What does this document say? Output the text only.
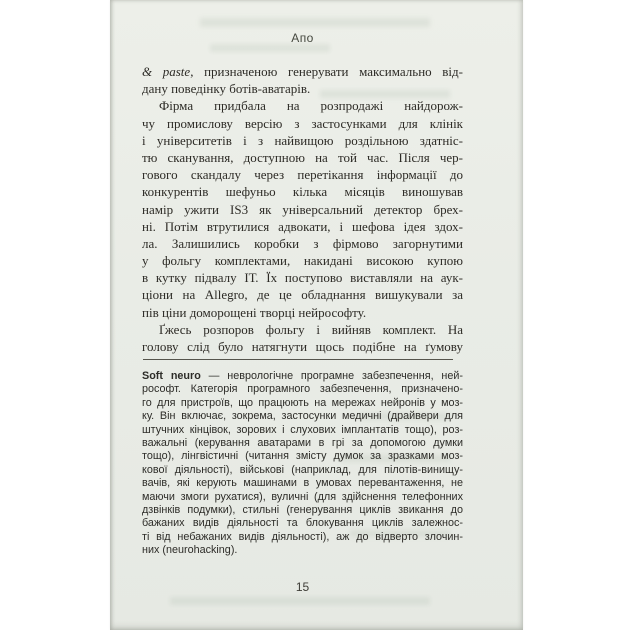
Апо
& paste, призначеною генерувати максимально від-
дану поведінку ботів-аватарів.
Фірма придбала на розпродажі найдорож-
чу промислову версію з застосунками для клінік
і університетів і з найвищою роздільною здатніс-
тю сканування, доступною на той час. Після чер-
гового скандалу через перетікання інформації до
конкурентів шефуньо кілька місяців виношував
намір ужити IS3 як універсальний детектор брех-
ні. Потім втрутилися адвокати, і шефова ідея здох-
ла. Залишились коробки з фірмово загорнутими
у фольгу комплектами, накидані високою купою
в кутку підвалу ІТ. Їх поступово виставляли на аук-
ціони на Allegro, де це обладнання вишукували за
пів ціни доморощені творці нейрософту.
Ґжесь розпоров фольгу і вийняв комплект. На
голову слід було натягнути щось подібне на ґумову
Soft neuro — неврологічне програмне забезпечення, ней-
рософт. Категорія програмного забезпечення, призначено-
го для пристроїв, що працюють на мережах нейронів у моз-
ку. Він включає, зокрема, застосунки медичні (драйвери для
штучних кінцівок, зорових і слухових імплантатів тощо), роз-
важальні (керування аватарами в грі за допомогою думки
тощо), лінгвістичні (читання змісту думок за зразками моз-
кової діяльності), військові (наприклад, для пілотів-винищу-
вачів, які керують машинами в умовах перевантаження, не
маючи змоги рухатися), вуличні (для здійснення телефонних
дзвінків подумки), стильні (генерування циклів звикання до
бажаних видів діяльності та блокування циклів залежнос-
ті від небажаних видів діяльності), аж до відверто злочин-
них (neurohacking).
15
